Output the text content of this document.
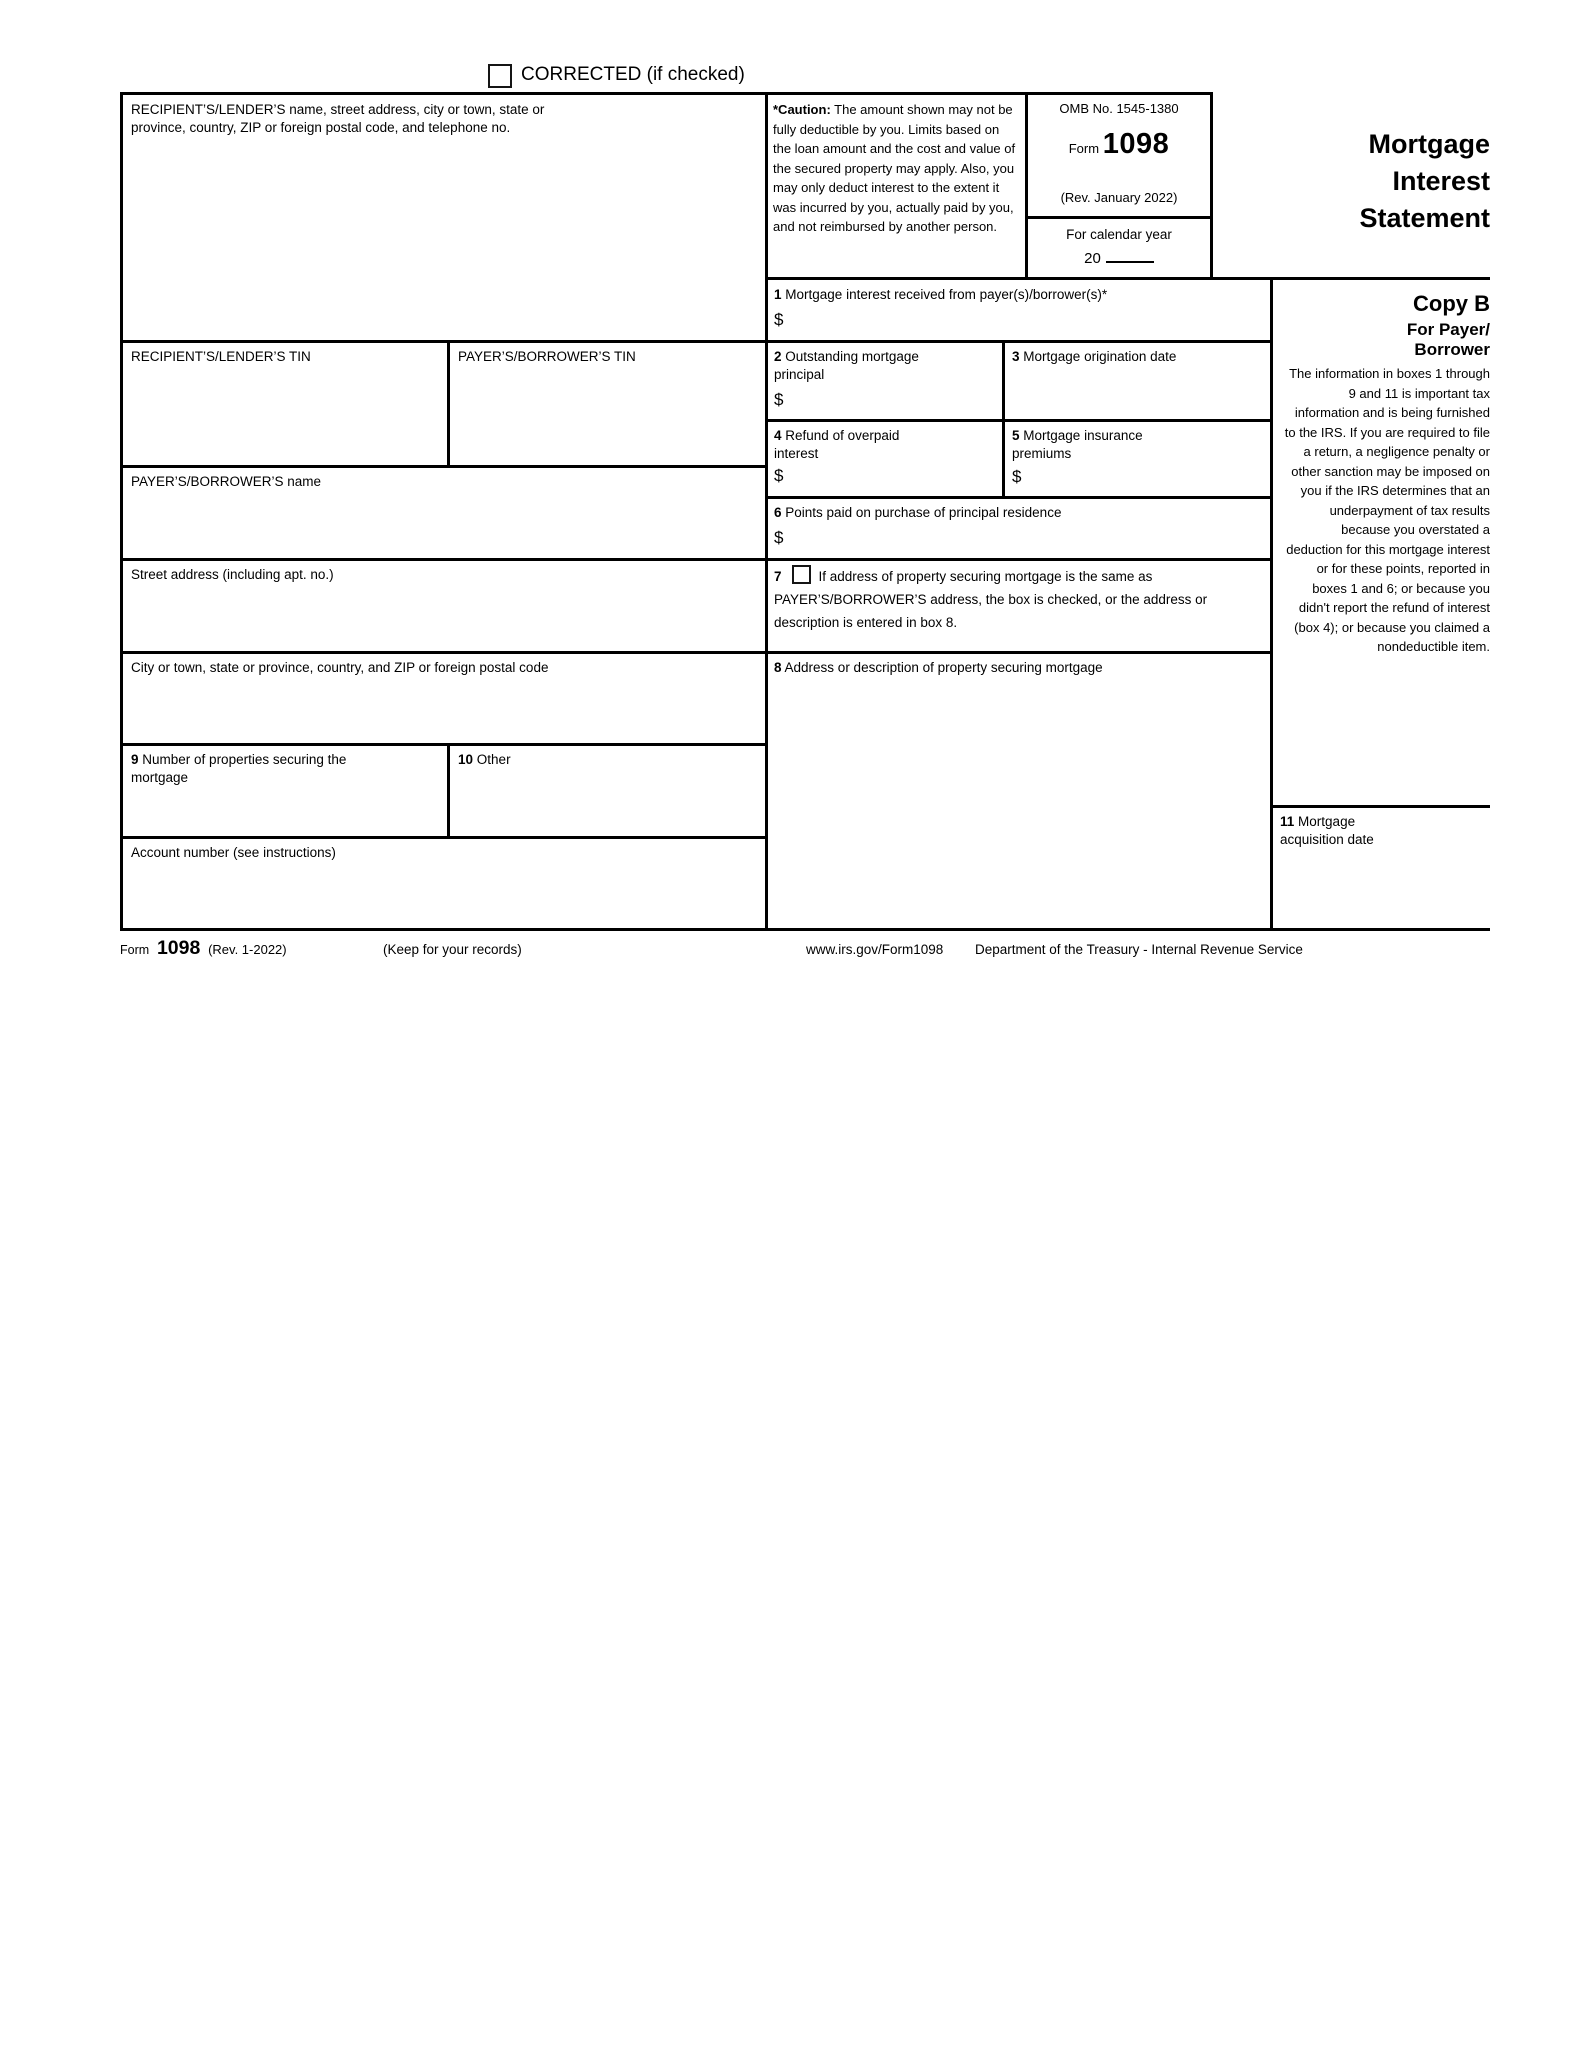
CORRECTED (if checked)
RECIPIENT’S/LENDER’S name, street address, city or town, state or province, country, ZIP or foreign postal code, and telephone no.
*Caution: The amount shown may not be fully deductible by you. Limits based on the loan amount and the cost and value of the secured property may apply. Also, you may only deduct interest to the extent it was incurred by you, actually paid by you, and not reimbursed by another person.
OMB No. 1545-1380
Form 1098
(Rev. January 2022)
For calendar year
20
Mortgage Interest Statement
RECIPIENT’S/LENDER’S TIN	PAYER’S/BORROWER’S TIN
PAYER’S/BORROWER’S name
Street address (including apt. no.)
City or town, state or province, country, and ZIP or foreign postal code
9 Number of properties securing the mortgage
10 Other
Account number (see instructions)
1 Mortgage interest received from payer(s)/borrower(s)*
$
2 Outstanding mortgage principal
$
3 Mortgage origination date
4 Refund of overpaid interest
$
5 Mortgage insurance premiums
$
6 Points paid on purchase of principal residence
$
7	If address of property securing mortgage is the same as PAYER’S/BORROWER’S address, the box is checked, or the address or description is entered in box 8.
8 Address or description of property securing mortgage
Copy B
For Payer/
Borrower
The information in boxes 1 through 9 and 11 is important tax information and is being furnished to the IRS. If you are required to file a return, a negligence penalty or other sanction may be imposed on you if the IRS determines that an underpayment of tax results because you overstated a deduction for this mortgage interest or for these points, reported in boxes 1 and 6; or because you didn't report the refund of interest (box 4); or because you claimed a nondeductible item.
11 Mortgage acquisition date
Form 1098 (Rev. 1-2022)	(Keep for your records)	www.irs.gov/Form1098 Department of the Treasury - Internal Revenue Service
